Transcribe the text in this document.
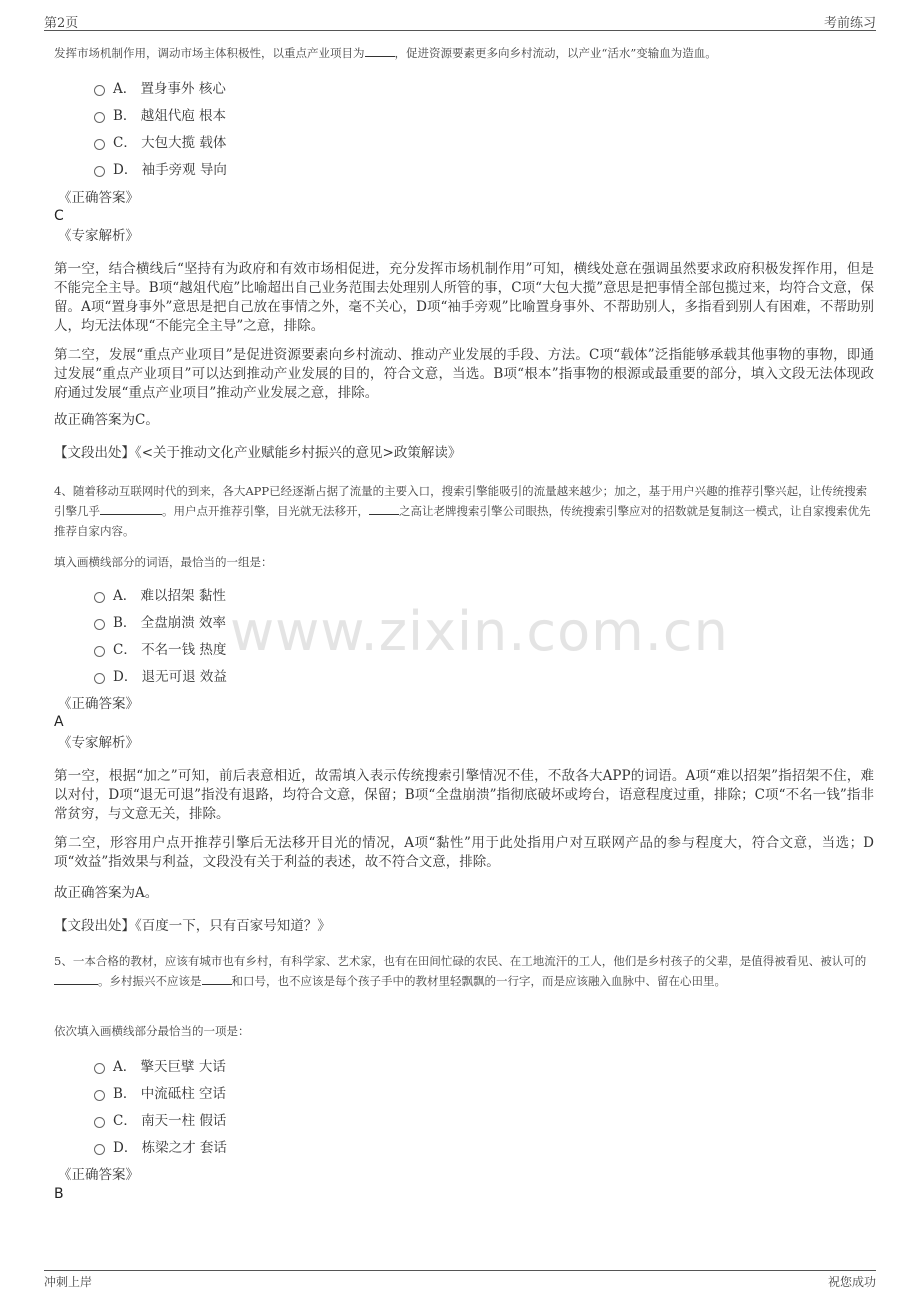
第2页	考前练习
www.zixin.com.cn
发挥市场机制作用，调动市场主体积极性，以重点产业项目为	，促进资源要素更多向乡村流动，以产业“活水”变输血为造血。
A． 置身事外 核心
B． 越俎代庖 根本
C． 大包大揽 载体
D． 袖手旁观 导向
《正确答案》
C
《专家解析》
第一空，结合横线后“坚持有为政府和有效市场相促进，充分发挥市场机制作用”可知，横线处意在强调虽然要求政府积极发挥作用，但是不能完全主导。B项“越俎代庖”比喻超出自己业务范围去处理别人所管的事，C项“大包大揽”意思是把事情全部包揽过来，均符合文意，保留。A项“置身事外”意思是把自己放在事情之外，毫不关心，D项“袖手旁观”比喻置身事外、不帮助别人，多指看到别人有困难，不帮助别人，均无法体现“不能完全主导”之意，排除。
第二空，发展“重点产业项目”是促进资源要素向乡村流动、推动产业发展的手段、方法。C项“载体”泛指能够承载其他事物的事物，即通过发展“重点产业项目”可以达到推动产业发展的目的，符合文意，当选。B项“根本”指事物的根源或最重要的部分，填入文段无法体现政府通过发展“重点产业项目”推动产业发展之意，排除。
故正确答案为C。
【文段出处】《<关于推动文化产业赋能乡村振兴的意见>政策解读》
4、随着移动互联网时代的到来，各大APP已经逐渐占据了流量的主要入口，搜索引擎能吸引的流量越来越少；加之，基于用户兴趣的推荐引擎兴起，让传统搜索引擎几乎	。用户点开推荐引擎，目光就无法移开，	之高让老牌搜索引擎公司眼热，传统搜索引擎应对的招数就是复制这一模式，让自家搜索优先推荐自家内容。
填入画横线部分的词语，最恰当的一组是：
A． 难以招架 黏性
B． 全盘崩溃 效率
C． 不名一钱 热度
D． 退无可退 效益
《正确答案》
A
《专家解析》
第一空，根据“加之”可知，前后表意相近，故需填入表示传统搜索引擎情况不佳，不敌各大APP的词语。A项“难以招架”指招架不住，难以对付，D项“退无可退”指没有退路，均符合文意，保留；B项“全盘崩溃”指彻底破坏或垮台，语意程度过重，排除；C项“不名一钱”指非常贫穷，与文意无关，排除。
第二空，形容用户点开推荐引擎后无法移开目光的情况，A项“黏性”用于此处指用户对互联网产品的参与程度大，符合文意，当选；D项“效益”指效果与利益，文段没有关于利益的表述，故不符合文意，排除。
故正确答案为A。
【文段出处】《百度一下，只有百家号知道？》
5、一本合格的教材，应该有城市也有乡村，有科学家、艺术家，也有在田间忙碌的农民、在工地流汗的工人，他们是乡村孩子的父辈，是值得被看见、被认可的。乡村振兴不应该是	和口号，也不应该是每个孩子手中的教材里轻飘飘的一行字，而是应该融入血脉中、留在心田里。
依次填入画横线部分最恰当的一项是：
A． 擎天巨擘 大话
B． 中流砥柱 空话
C． 南天一柱 假话
D． 栋梁之才 套话
《正确答案》
B
冲刺上岸	祝您成功
